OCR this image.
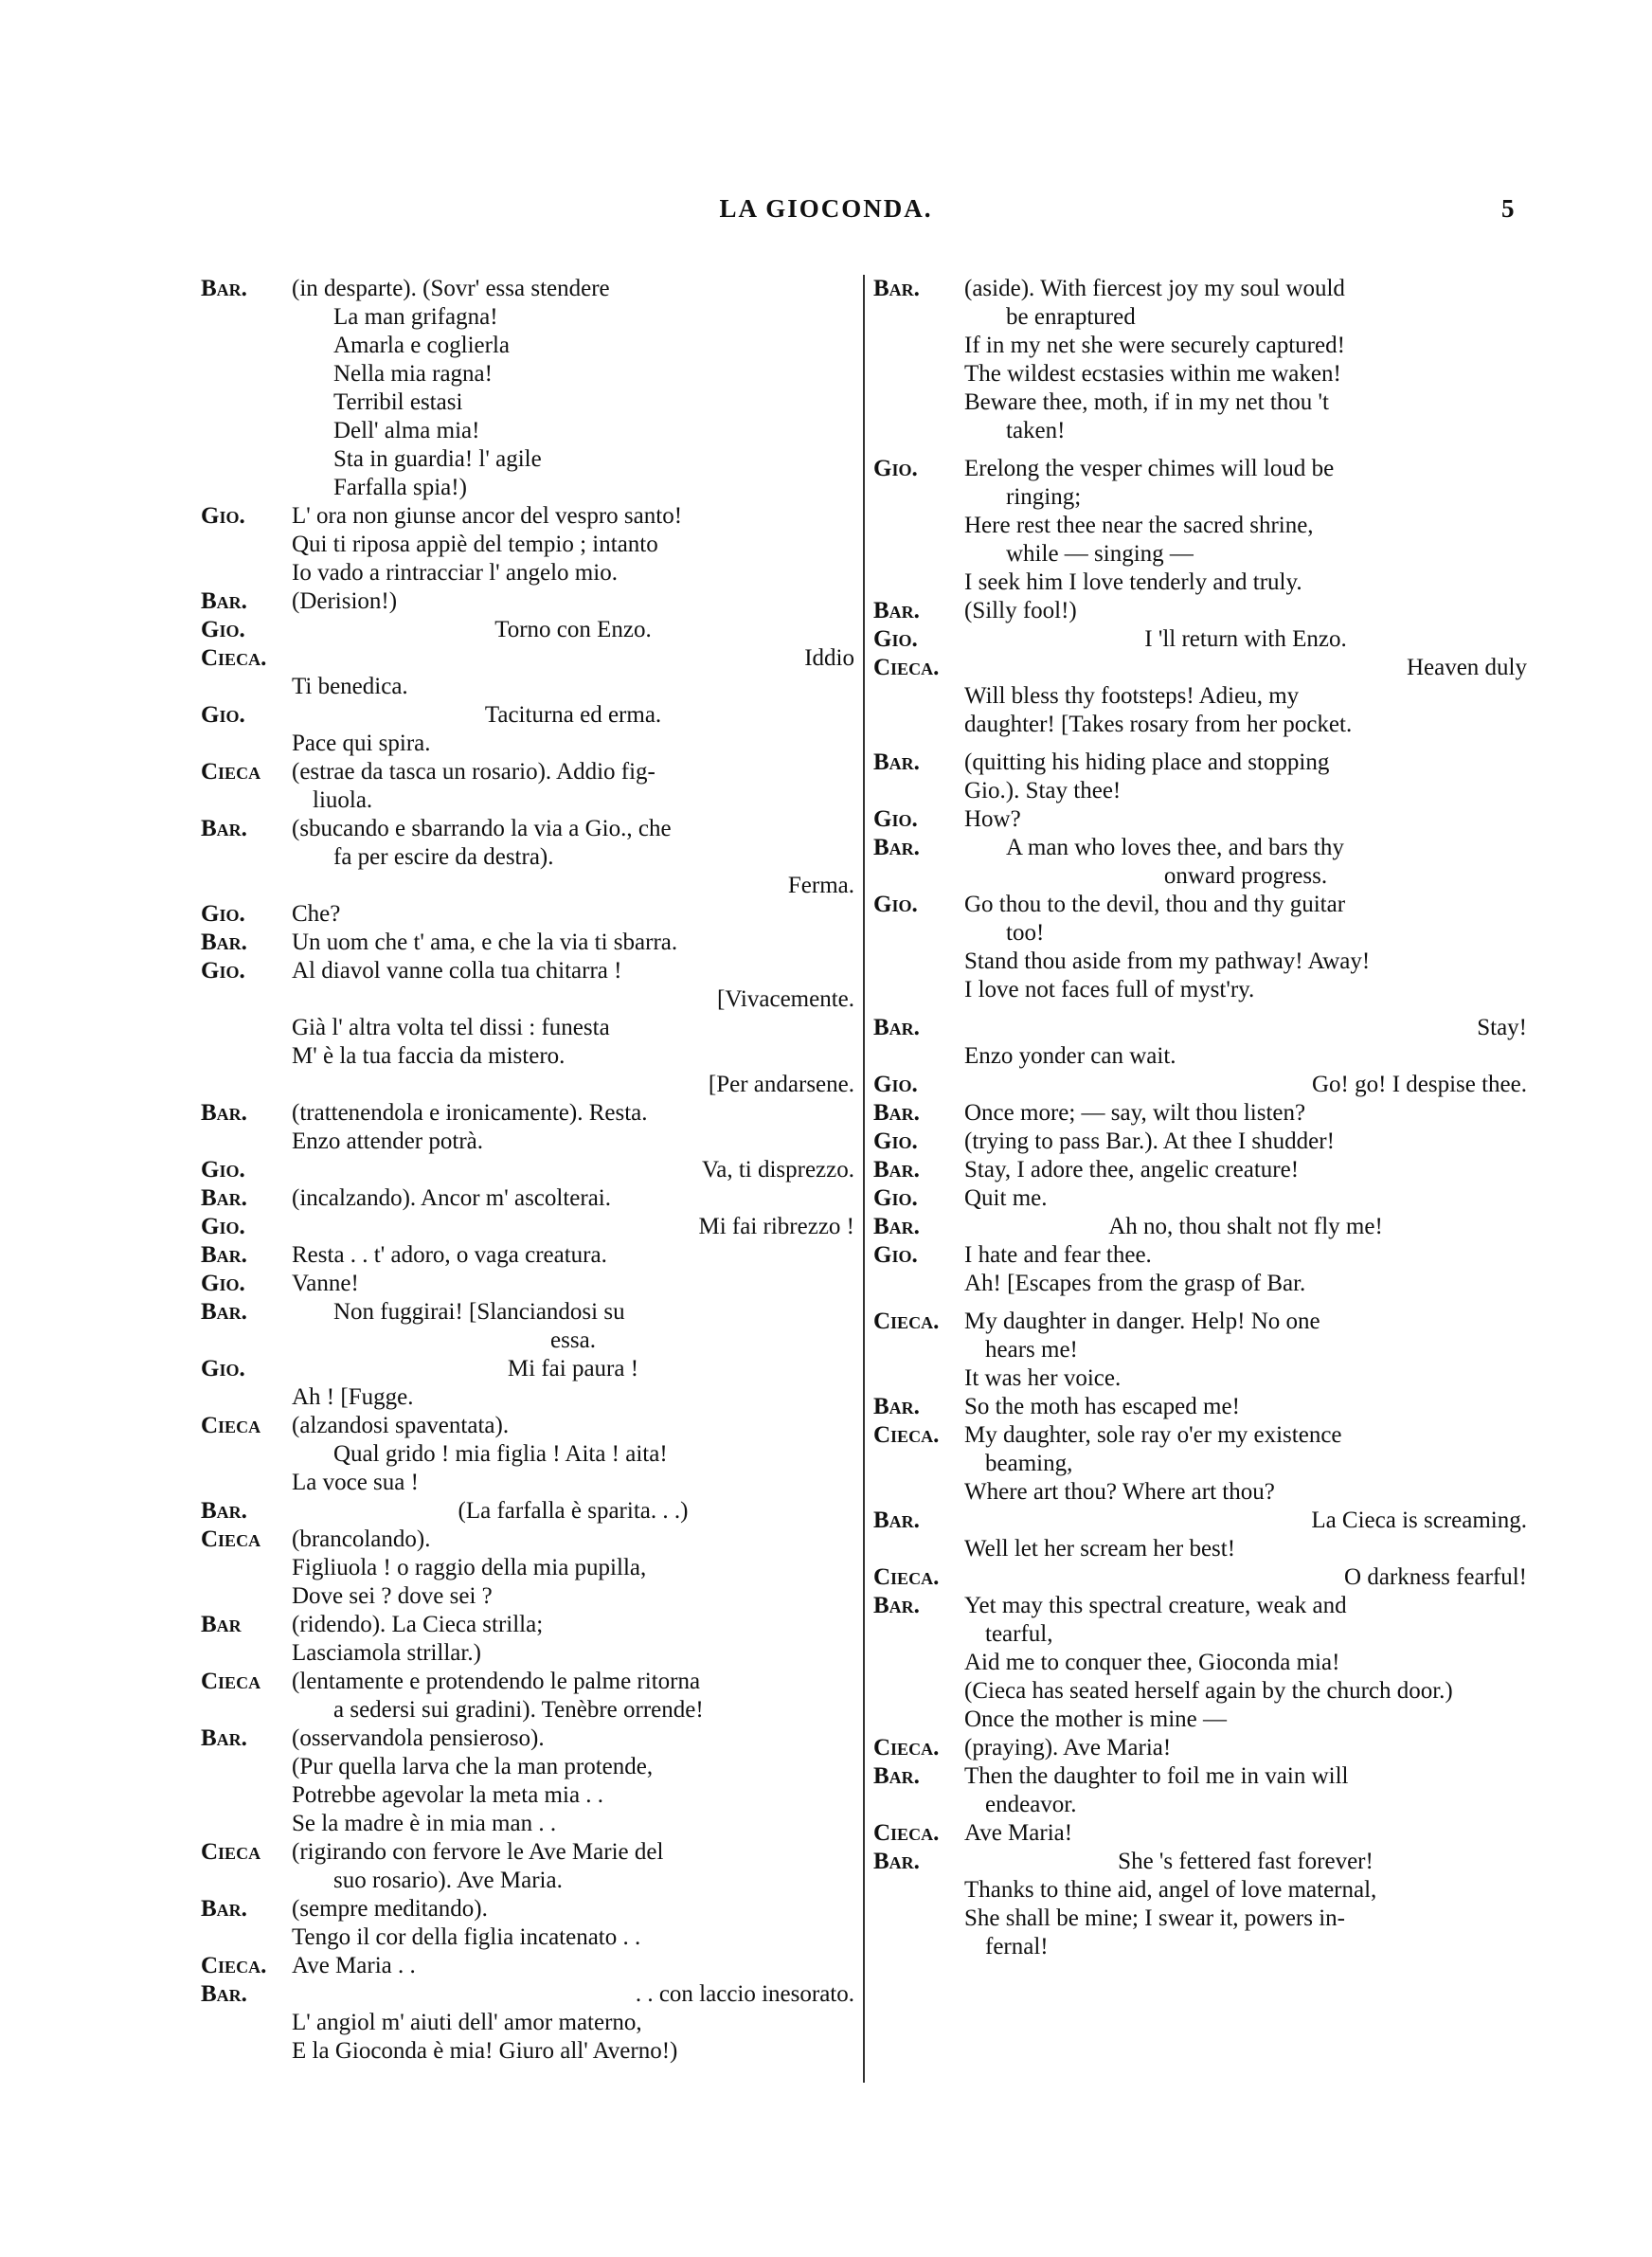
LA GIOCONDA.	5
Bar. (in desparte). (Sovr' essa stendere
La man grifagna!
Amarla e coglierla
Nella mia ragna!
Terribil estasi
Dell' alma mia!
Sta in guardia! l' agile
Farfalla spia!)
Gio. L' ora non giunse ancor del vespro santo!
Qui ti riposa appiè del tempio ; intanto
Io vado a rintracciar l' angelo mio.
Bar. (Derision!)
Gio.	Torno con Enzo.
Cieca.	Iddio
Ti benedica.
Gio.	Taciturna ed erma.
Pace qui spira.
Cieca (estrae da tasca un rosario). Addio fig-
liuola.
Bar. (sbucando e sbarrando la via a Gio., che
fa per escire da destra).
Ferma.
Gio. Che?
Bar. Un uom che t' ama, e che la via ti sbarra.
Gio. Al diavol vanne colla tua chitarra !
[Vivacemente.
Già l' altra volta tel dissi : funesta
M' è la tua faccia da mistero.
[Per andarsene.
Bar. (trattenendola e ironicamente). Resta.
Enzo attender potrà.
Gio.	Va, ti disprezzo.
Bar. (incalzando). Ancor m' ascolterai.
Gio.	Mi fai ribrezzo !
Bar. Resta . . t' adoro, o vaga creatura.
Gio. Vanne!
Bar.	Non fuggirai! [Slanciandosi su
essa.
Gio.	Mi fai paura !
Ah ! [Fugge.
Cieca (alzandosi spaventata).
Qual grido ! mia figlia ! Aita ! aita!
La voce sua !
Bar.	(La farfalla è sparita. . .)
Cieca (brancolando).
Figliuola ! o raggio della mia pupilla,
Dove sei ? dove sei ?
Bar (ridendo). La Cieca strilla;
Lasciamola strillar.)
Cieca (lentamente e protendendo le palme ritorna
a sedersi sui gradini). Tenèbre orrende!
Bar. (osservandola pensieroso).
(Pur quella larva che la man protende,
Potrebbe agevolar la meta mia . .
Se la madre è in mia man . .
Cieca (rigirando con fervore le Ave Marie del
suo rosario). Ave Maria.
Bar. (sempre meditando).
Tengo il cor della figlia incatenato . .
Cieca. Ave Maria . .
Bar.	. . con laccio inesorato.
L' angiol m' aiuti dell' amor materno,
E la Gioconda è mia! Giuro all' Averno!)
Bar. (aside). With fiercest joy my soul would
be enraptured
If in my net she were securely captured!
The wildest ecstasies within me waken!
Beware thee, moth, if in my net thou 't
taken!
Gio. Erelong the vesper chimes will loud be
ringing;
Here rest thee near the sacred shrine,
while — singing —
I seek him I love tenderly and truly.
Bar. (Silly fool!)
Gio.	I 'll return with Enzo.
Cieca.	Heaven duly
Will bless thy footsteps! Adieu, my
daughter! [Takes rosary from her pocket.
Bar. (quitting his hiding place and stopping
Gio.). Stay thee!
Gio. How?
Bar.	A man who loves thee, and bars thy
onward progress.
Gio. Go thou to the devil, thou and thy guitar
too!
Stand thou aside from my pathway! Away!
I love not faces full of myst'ry.
Bar.	Stay!
Enzo yonder can wait.
Gio.	Go! go! I despise thee.
Bar. Once more; — say, wilt thou listen?
Gio. (trying to pass Bar.). At thee I shudder!
Bar. Stay, I adore thee, angelic creature!
Gio. Quit me.
Bar.	Ah no, thou shalt not fly me!
Gio. I hate and fear thee.
Ah! [Escapes from the grasp of Bar.
Cieca. My daughter in danger. Help! No one
hears me!
It was her voice.
Bar. So the moth has escaped me!
Cieca. My daughter, sole ray o'er my existence
beaming,
Where art thou? Where art thou?
Bar.	La Cieca is screaming.
Well let her scream her best!
Cieca.	O darkness fearful!
Bar. Yet may this spectral creature, weak and
tearful,
Aid me to conquer thee, Gioconda mia!
(Cieca has seated herself again by the church door.)
Once the mother is mine —
Cieca. (praying). Ave Maria!
Bar. Then the daughter to foil me in vain will
endeavor.
Cieca. Ave Maria!
Bar.	She 's fettered fast forever!
Thanks to thine aid, angel of love maternal,
She shall be mine; I swear it, powers in-
fernal!
